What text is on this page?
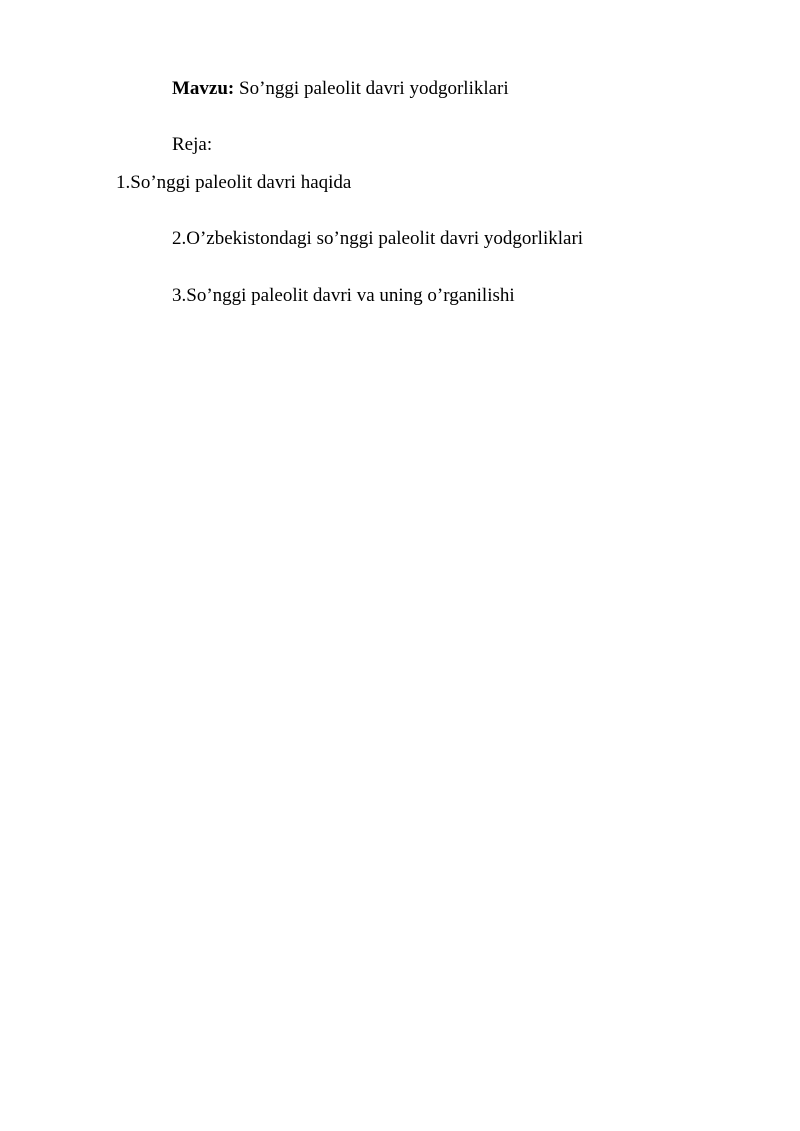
Mavzu: So’nggi paleolit davri yodgorliklari
Reja:
1.So’nggi paleolit davri haqida
2.O’zbekistondagi so’nggi paleolit davri yodgorliklari
3.So’nggi paleolit davri va uning o’rganilishi
